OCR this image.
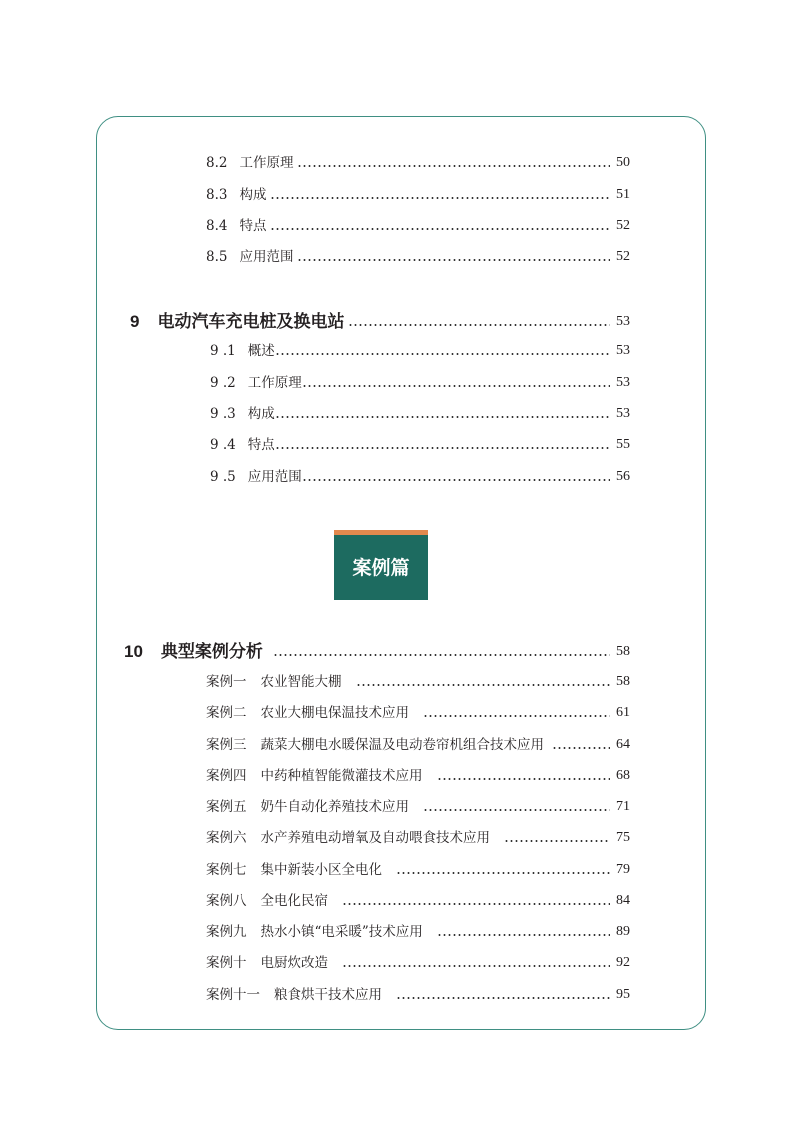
8.2 工作原理	50
8.3 构成	51
8.4 特点	52
8.5 应用范围	52
9 电动汽车充电桩及换电站	53
9 .1 概述	53
9 .2 工作原理	53
9 .3 构成	53
9 .4 特点	55
9 .5 应用范围	56
案例篇
10 典型案例分析	58
案例一 农业智能大棚	58
案例二 农业大棚电保温技术应用	61
案例三 蔬菜大棚电水暖保温及电动卷帘机组合技术应用	64
案例四 中药种植智能微灌技术应用	68
案例五 奶牛自动化养殖技术应用	71
案例六 水产养殖电动增氧及自动喂食技术应用	75
案例七 集中新装小区全电化	79
案例八 全电化民宿	84
案例九 热水小镇“电采暖”技术应用	89
案例十 电厨炊改造	92
案例十一 粮食烘干技术应用	95
